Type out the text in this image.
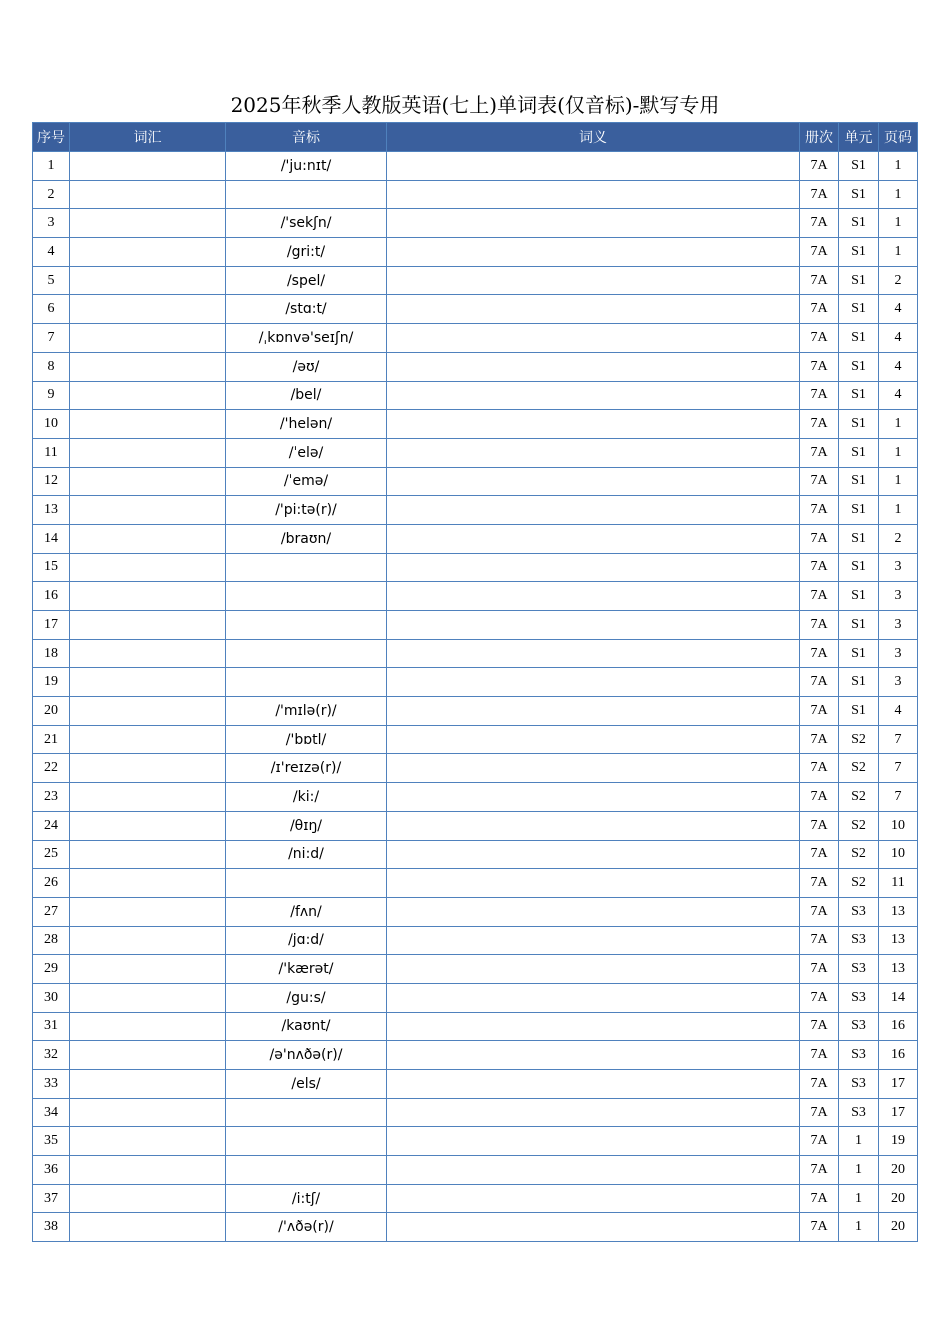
2025年秋季人教版英语(七上)单词表(仅音标)-默写专用
序号	词汇	音标	词义	册次	单元	页码
1		/'ju:nɪt/		7A	S1	1
2				7A	S1	1
3		/'sekʃn/		7A	S1	1
4		/gri:t/		7A	S1	1
5		/spel/		7A	S1	2
6		/stɑ:t/		7A	S1	4
7		/ˌkɒnvə'seɪʃn/		7A	S1	4
8		/əʊ/		7A	S1	4
9		/bel/		7A	S1	4
10		/'helən/		7A	S1	1
11		/ˈelə/		7A	S1	1
12		/ˈemə/		7A	S1	1
13		/'pi:tə(r)/		7A	S1	1
14		/braʊn/		7A	S1	2
15				7A	S1	3
16				7A	S1	3
17				7A	S1	3
18				7A	S1	3
19				7A	S1	3
20		/'mɪlə(r)/		7A	S1	4
21		/'bɒtl/		7A	S2	7
22		/ɪ'reɪzə(r)/		7A	S2	7
23		/ki:/		7A	S2	7
24		/θɪŋ/		7A	S2	10
25		/ni:d/		7A	S2	10
26				7A	S2	11
27		/fʌn/		7A	S3	13
28		/jɑ:d/		7A	S3	13
29		/'kærət/		7A	S3	13
30		/gu:s/		7A	S3	14
31		/kaʊnt/		7A	S3	16
32		/ə'nʌðə(r)/		7A	S3	16
33		/els/		7A	S3	17
34				7A	S3	17
35				7A	1	19
36				7A	1	20
37		/i:tʃ/		7A	1	20
38		/'ʌðə(r)/		7A	1	20
